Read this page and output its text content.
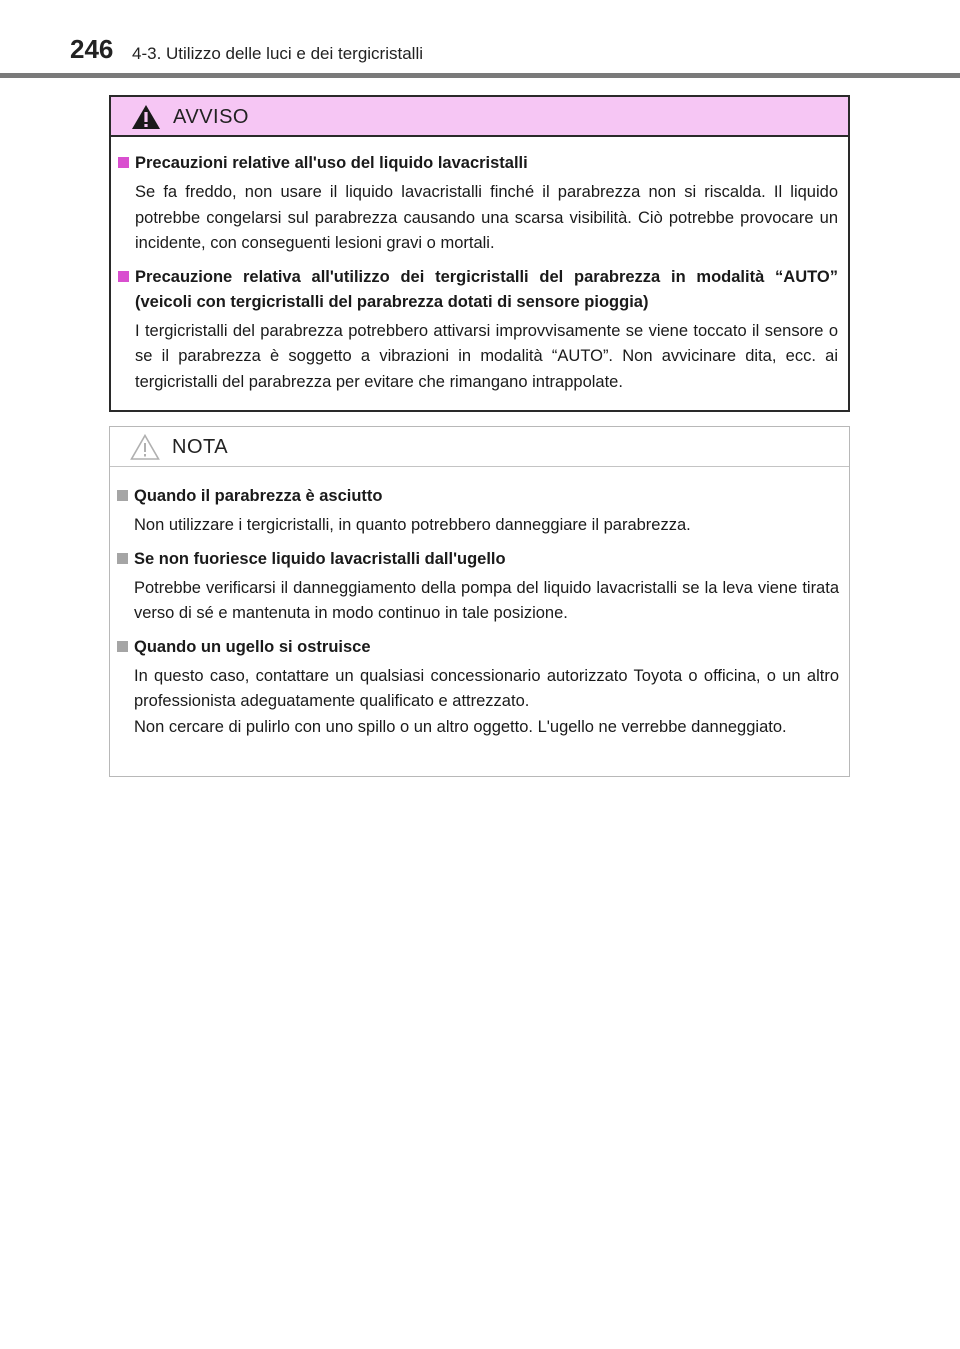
246 4-3. Utilizzo delle luci e dei tergicristalli
AVVISO
Precauzioni relative all'uso del liquido lavacristalli
Se fa freddo, non usare il liquido lavacristalli finché il parabrezza non si riscalda. Il liquido potrebbe congelarsi sul parabrezza causando una scarsa visibilità. Ciò potrebbe provocare un incidente, con conseguenti lesioni gravi o mortali.
Precauzione relativa all'utilizzo dei tergicristalli del parabrezza in modalità “AUTO” (veicoli con tergicristalli del parabrezza dotati di sensore pioggia)
I tergicristalli del parabrezza potrebbero attivarsi improvvisamente se viene toccato il sensore o se il parabrezza è soggetto a vibrazioni in modalità “AUTO”. Non avvicinare dita, ecc. ai tergicristalli del parabrezza per evitare che rimangano intrappolate.
NOTA
Quando il parabrezza è asciutto
Non utilizzare i tergicristalli, in quanto potrebbero danneggiare il parabrezza.
Se non fuoriesce liquido lavacristalli dall'ugello
Potrebbe verificarsi il danneggiamento della pompa del liquido lavacristalli se la leva viene tirata verso di sé e mantenuta in modo continuo in tale posizione.
Quando un ugello si ostruisce
In questo caso, contattare un qualsiasi concessionario autorizzato Toyota o officina, o un altro professionista adeguatamente qualificato e attrezzato.
Non cercare di pulirlo con uno spillo o un altro oggetto. L'ugello ne verrebbe danneggiato.
